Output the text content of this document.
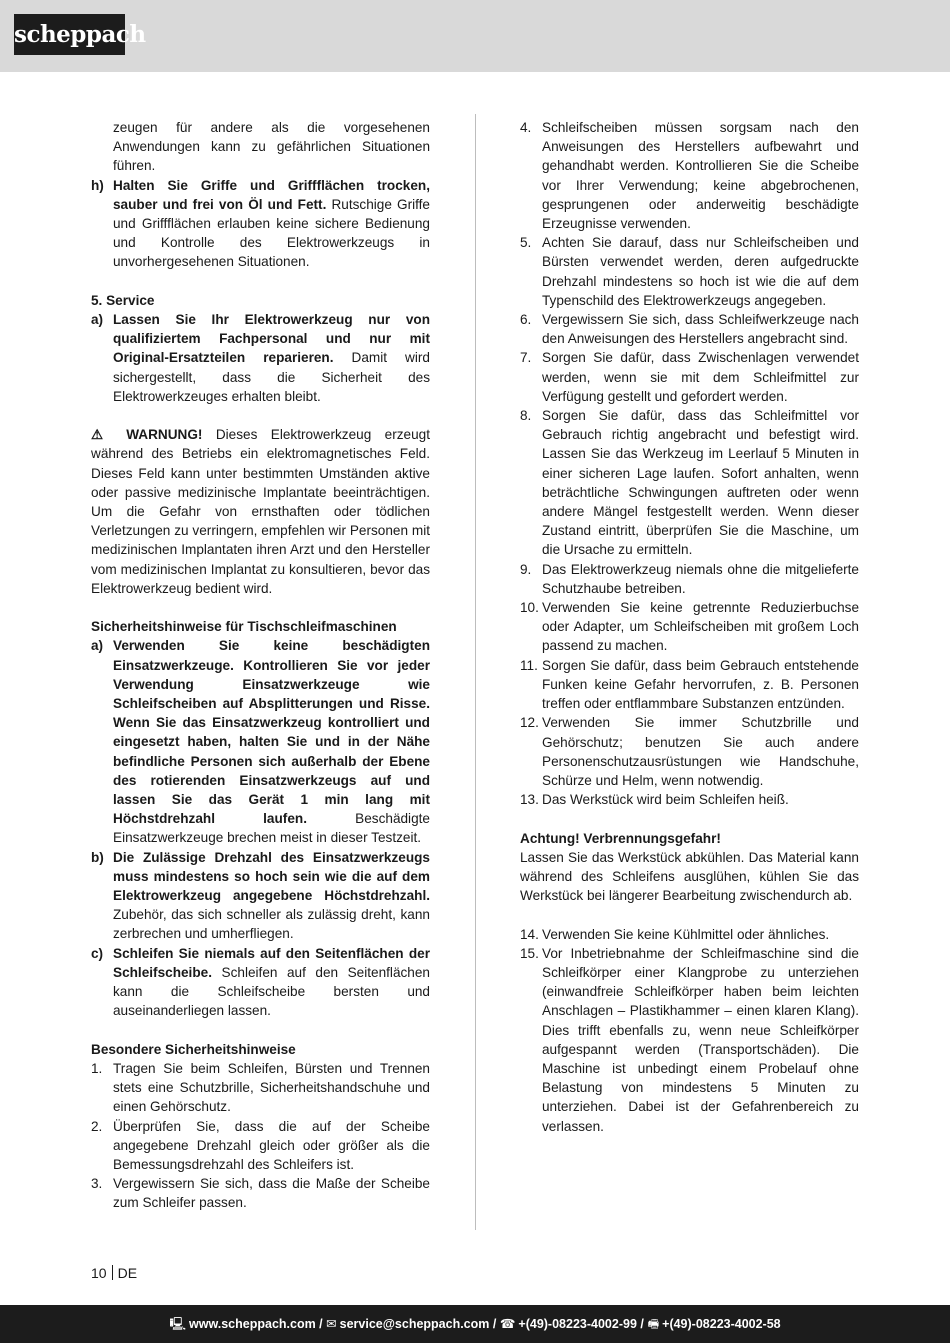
scheppach

zeugen für andere als die vorgesehenen Anwendungen kann zu gefährlichen Situationen führen.

h) Halten Sie Griffe und Griffflächen trocken, sauber und frei von Öl und Fett. Rutschige Griffe und Griffflächen erlauben keine sichere Bedienung und Kontrolle des Elektrowerkzeugs in unvorhergesehenen Situationen.

5. Service

a) Lassen Sie Ihr Elektrowerkzeug nur von qualifiziertem Fachpersonal und nur mit Original-Ersatzteilen reparieren. Damit wird sichergestellt, dass die Sicherheit des Elektrowerkzeuges erhalten bleibt.

⚠ WARNUNG! Dieses Elektrowerkzeug erzeugt während des Betriebs ein elektromagnetisches Feld. Dieses Feld kann unter bestimmten Umständen aktive oder passive medizinische Implantate beeinträchtigen. Um die Gefahr von ernsthaften oder tödlichen Verletzungen zu verringern, empfehlen wir Personen mit medizinischen Implantaten ihren Arzt und den Hersteller vom medizinischen Implantat zu konsultieren, bevor das Elektrowerkzeug bedient wird.

Sicherheitshinweise für Tischschleifmaschinen

a) Verwenden Sie keine beschädigten Einsatzwerkzeuge. Kontrollieren Sie vor jeder Verwendung Einsatzwerkzeuge wie Schleifscheiben auf Absplitterungen und Risse. Wenn Sie das Einsatzwerkzeug kontrolliert und eingesetzt haben, halten Sie und in der Nähe befindliche Personen sich außerhalb der Ebene des rotierenden Einsatzwerkzeugs auf und lassen Sie das Gerät 1 min lang mit Höchstdrehzahl laufen. Beschädigte Einsatzwerkzeuge brechen meist in dieser Testzeit.
b) Die Zulässige Drehzahl des Einsatzwerkzeugs muss mindestens so hoch sein wie die auf dem Elektrowerkzeug angegebene Höchstdrehzahl. Zubehör, das sich schneller als zulässig dreht, kann zerbrechen und umherfliegen.
c) Schleifen Sie niemals auf den Seitenflächen der Schleifscheibe. Schleifen auf den Seitenflächen kann die Schleifscheibe bersten und auseinanderliegen lassen.

Besondere Sicherheitshinweise

1. Tragen Sie beim Schleifen, Bürsten und Trennen stets eine Schutzbrille, Sicherheitshandschuhe und einen Gehörschutz.
2. Überprüfen Sie, dass die auf der Scheibe angegebene Drehzahl gleich oder größer als die Bemessungsdrehzahl des Schleifers ist.
3. Vergewissern Sie sich, dass die Maße der Scheibe zum Schleifer passen.
4. Schleifscheiben müssen sorgsam nach den Anweisungen des Herstellers aufbewahrt und gehandhabt werden. Kontrollieren Sie die Scheibe vor Ihrer Verwendung; keine abgebrochenen, gesprungenen oder anderweitig beschädigte Erzeugnisse verwenden.
5. Achten Sie darauf, dass nur Schleifscheiben und Bürsten verwendet werden, deren aufgedruckte Drehzahl mindestens so hoch ist wie die auf dem Typenschild des Elektrowerkzeugs angegeben.
6. Vergewissern Sie sich, dass Schleifwerkzeuge nach den Anweisungen des Herstellers angebracht sind.
7. Sorgen Sie dafür, dass Zwischenlagen verwendet werden, wenn sie mit dem Schleifmittel zur Verfügung gestellt und gefordert werden.
8. Sorgen Sie dafür, dass das Schleifmittel vor Gebrauch richtig angebracht und befestigt wird. Lassen Sie das Werkzeug im Leerlauf 5 Minuten in einer sicheren Lage laufen. Sofort anhalten, wenn beträchtliche Schwingungen auftreten oder wenn andere Mängel festgestellt werden. Wenn dieser Zustand eintritt, überprüfen Sie die Maschine, um die Ursache zu ermitteln.
9. Das Elektrowerkzeug niemals ohne die mitgelieferte Schutzhaube betreiben.
10. Verwenden Sie keine getrennte Reduzierbuchse oder Adapter, um Schleifscheiben mit großem Loch passend zu machen.
11. Sorgen Sie dafür, dass beim Gebrauch entstehende Funken keine Gefahr hervorrufen, z. B. Personen treffen oder entflammbare Substanzen entzünden.
12. Verwenden Sie immer Schutzbrille und Gehörschutz; benutzen Sie auch andere Personenschutzausrüstungen wie Handschuhe, Schürze und Helm, wenn notwendig.
13. Das Werkstück wird beim Schleifen heiß.

Achtung! Verbrennungsgefahr!

Lassen Sie das Werkstück abkühlen. Das Material kann während des Schleifens ausglühen, kühlen Sie das Werkstück bei längerer Bearbeitung zwischendurch ab.

14. Verwenden Sie keine Kühlmittel oder ähnliches.
15. Vor Inbetriebnahme der Schleifmaschine sind die Schleifkörper einer Klangprobe zu unterziehen (einwandfreie Schleifkörper haben beim leichten Anschlagen – Plastikhammer – einen klaren Klang). Dies trifft ebenfalls zu, wenn neue Schleifkörper aufgespannt werden (Transportschäden). Die Maschine ist unbedingt einem Probelauf ohne Belastung von mindestens 5 Minuten zu unterziehen. Dabei ist der Gefahrenbereich zu verlassen.
10 DE
🖳 www.scheppach.com / ✉ service@scheppach.com / ☎ +(49)-08223-4002-99 / 🖷 +(49)-08223-4002-58
